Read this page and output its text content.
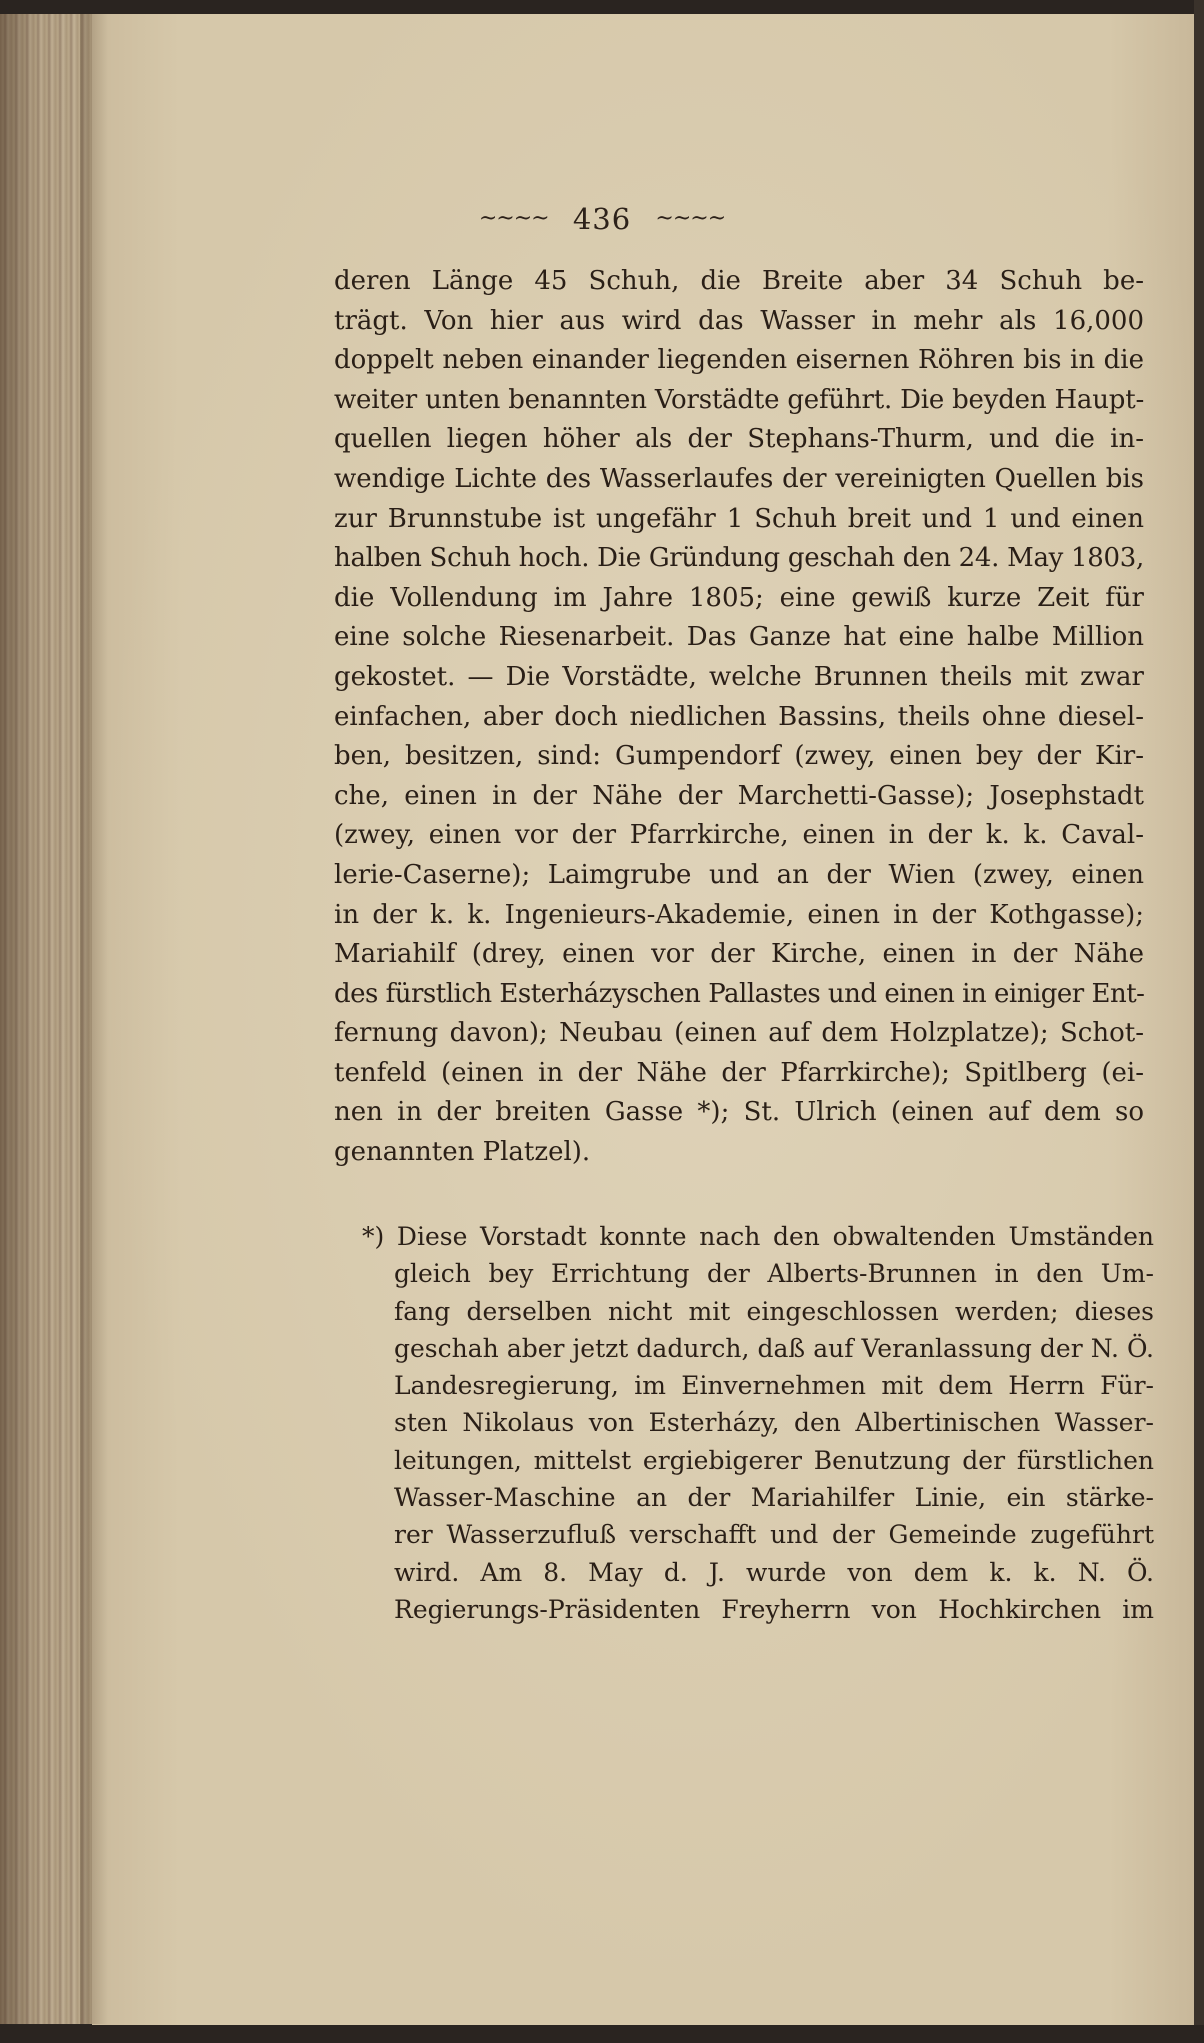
~~~~ 436 ~~~~
deren Länge 45 Schuh, die Breite aber 34 Schuh be-
trägt. Von hier aus wird das Wasser in mehr als 16,000
doppelt neben einander liegenden eisernen Röhren bis in die
weiter unten benannten Vorstädte geführt. Die beyden Haupt-
quellen liegen höher als der Stephans-Thurm, und die in-
wendige Lichte des Wasserlaufes der vereinigten Quellen bis
zur Brunnstube ist ungefähr 1 Schuh breit und 1 und einen
halben Schuh hoch. Die Gründung geschah den 24. May 1803,
die Vollendung im Jahre 1805; eine gewiß kurze Zeit für
eine solche Riesenarbeit. Das Ganze hat eine halbe Million
gekostet. — Die Vorstädte, welche Brunnen theils mit zwar
einfachen, aber doch niedlichen Bassins, theils ohne diesel-
ben, besitzen, sind: Gumpendorf (zwey, einen bey der Kir-
che, einen in der Nähe der Marchetti-Gasse); Josephstadt
(zwey, einen vor der Pfarrkirche, einen in der k. k. Caval-
lerie-Caserne); Laimgrube und an der Wien (zwey, einen
in der k. k. Ingenieurs-Akademie, einen in der Kothgasse);
Mariahilf (drey, einen vor der Kirche, einen in der Nähe
des fürstlich Esterházyschen Pallastes und einen in einiger Ent-
fernung davon); Neubau (einen auf dem Holzplatze); Schot-
tenfeld (einen in der Nähe der Pfarrkirche); Spitlberg (ei-
nen in der breiten Gasse *); St. Ulrich (einen auf dem so
genannten Platzel).
*) Diese Vorstadt konnte nach den obwaltenden Umständen
gleich bey Errichtung der Alberts-Brunnen in den Um-
fang derselben nicht mit eingeschlossen werden; dieses
geschah aber jetzt dadurch, daß auf Veranlassung der N. Ö.
Landesregierung, im Einvernehmen mit dem Herrn Für-
sten Nikolaus von Esterházy, den Albertinischen Wasser-
leitungen, mittelst ergiebigerer Benutzung der fürstlichen
Wasser-Maschine an der Mariahilfer Linie, ein stärke-
rer Wasserzufluß verschafft und der Gemeinde zugeführt
wird. Am 8. May d. J. wurde von dem k. k. N. Ö.
Regierungs-Präsidenten Freyherrn von Hochkirchen im
